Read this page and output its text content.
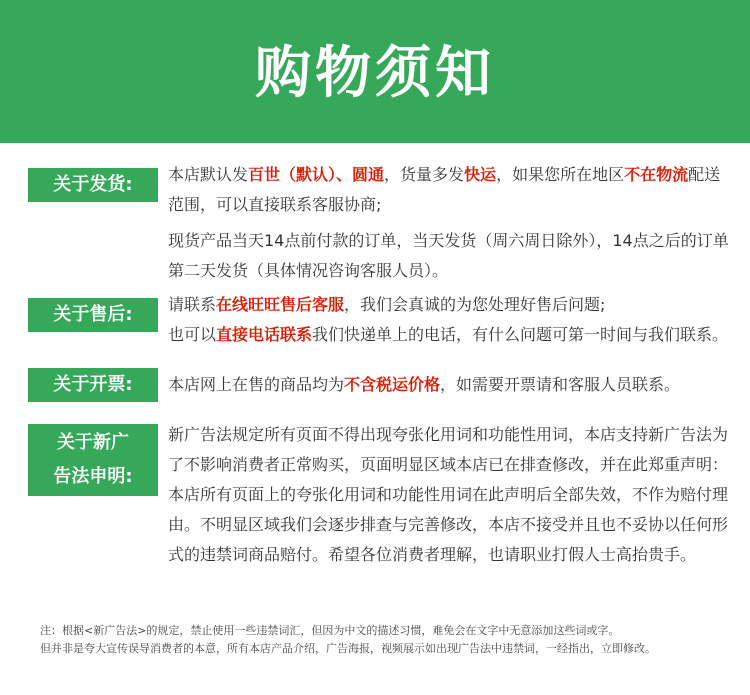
购物须知
关于发货:	本店默认发百世（默认）、圆通，货量多发快运，如果您所在地区不在物流配送范围，可以直接联系客服协商;

现货产品当天14点前付款的订单，当天发货（周六周日除外），14点之后的订单第二天发货（具体情况咨询客服人员）。

关于售后:	请联系在线旺旺售后客服，我们会真诚的为您处理好售后问题;

也可以直接电话联系我们快递单上的电话，有什么问题可第一时间与我们联系。

关于开票:	本店网上在售的商品均为不含税运价格，如需要开票请和客服人员联系。

关于新广
告法申明:

新广告法规定所有页面不得出现夸张化用词和功能性用词，本店支持新广告法为了不影响消费者正常购买，页面明显区域本店已在排查修改，并在此郑重声明：本店所有页面上的夸张化用词和功能性用词在此声明后全部失效，不作为赔付理由。不明显区域我们会逐步排查与完善修改，本店不接受并且也不妥协以任何形式的违禁词商品赔付。希望各位消费者理解，也请职业打假人士高抬贵手。

注：根据<新广告法>的规定，禁止使用一些违禁词汇，但因为中文的描述习惯，难免会在文字中无意添加这些词或字。

但并非是夸大宣传误导消费者的本意，所有本店产品介绍，广告海报，视频展示如出现广告法中违禁词，一经指出，立即修改。
